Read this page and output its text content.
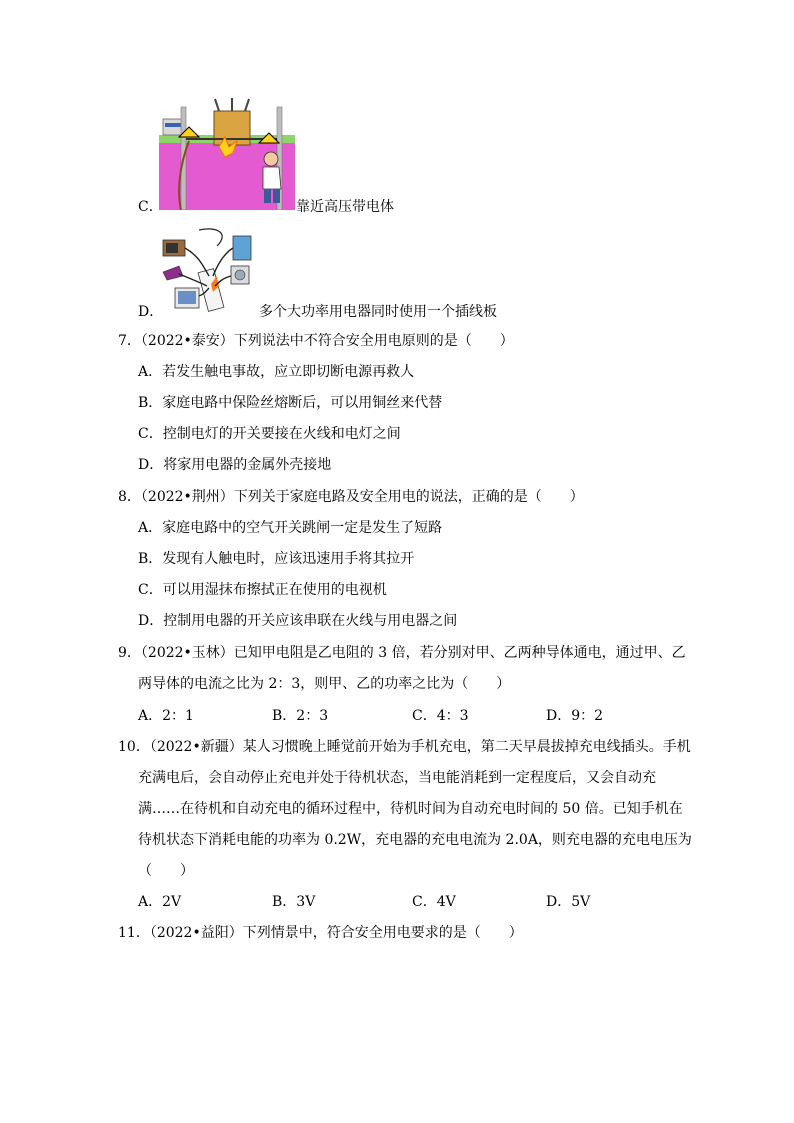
C．	靠近高压带电体
D．	多个大功率用电器同时使用一个插线板
7．（2022•泰安）下列说法中不符合安全用电原则的是（　　）
A．若发生触电事故，应立即切断电源再救人
B．家庭电路中保险丝熔断后，可以用铜丝来代替
C．控制电灯的开关要接在火线和电灯之间
D．将家用电器的金属外壳接地
8．（2022•荆州）下列关于家庭电路及安全用电的说法，正确的是（　　）
A．家庭电路中的空气开关跳闸一定是发生了短路
B．发现有人触电时，应该迅速用手将其拉开
C．可以用湿抹布擦拭正在使用的电视机
D．控制用电器的开关应该串联在火线与用电器之间
9．（2022•玉林）已知甲电阻是乙电阻的 3 倍，若分别对甲、乙两种导体通电，通过甲、乙
两导体的电流之比为 2：3，则甲、乙的功率之比为（　　）
A．2：1	B．2：3	C．4：3	D．9：2
10．（2022•新疆）某人习惯晚上睡觉前开始为手机充电，第二天早晨拔掉充电线插头。手机
充满电后，会自动停止充电并处于待机状态，当电能消耗到一定程度后，又会自动充
满……在待机和自动充电的循环过程中，待机时间为自动充电时间的 50 倍。已知手机在
待机状态下消耗电能的功率为 0.2W，充电器的充电电流为 2.0A，则充电器的充电电压为
（　　）
A．2V	B．3V	C．4V	D．5V
11．（2022•益阳）下列情景中，符合安全用电要求的是（　　）
